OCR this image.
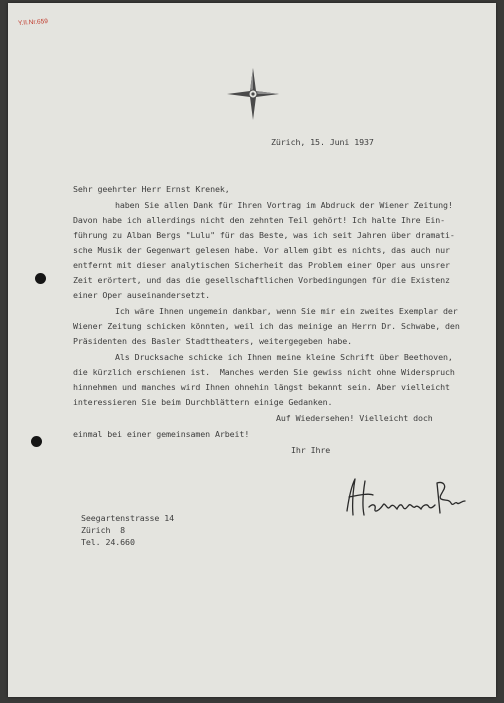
Y.II.Nr.659
Zürich, 15. Juni 1937
Sehr geehrter Herr Ernst Krenek,
haben Sie allen Dank für Ihren Vortrag im Abdruck der Wiener Zeitung!
Davon habe ich allerdings nicht den zehnten Teil gehört! Ich halte Ihre Ein-
führung zu Alban Bergs "Lulu" für das Beste, was ich seit Jahren über dramati-
sche Musik der Gegenwart gelesen habe. Vor allem gibt es nichts, das auch nur
entfernt mit dieser analytischen Sicherheit das Problem einer Oper aus unsrer
Zeit erörtert, und das die gesellschaftlichen Vorbedingungen für die Existenz
einer Oper auseinandersetzt.
Ich wäre Ihnen ungemein dankbar, wenn Sie mir ein zweites Exemplar der
Wiener Zeitung schicken könnten, weil ich das meinige an Herrn Dr. Schwabe, den
Präsidenten des Basler Stadttheaters, weitergegeben habe.
Als Drucksache schicke ich Ihnen meine kleine Schrift über Beethoven,
die kürzlich erschienen ist.  Manches werden Sie gewiss nicht ohne Widerspruch
hinnehmen und manches wird Ihnen ohnehin längst bekannt sein. Aber vielleicht
interessieren Sie beim Durchblättern einige Gedanken.
Auf Wiedersehen! Vielleicht doch
einmal bei einer gemeinsamen Arbeit!
Ihr Ihre
Seegartenstrasse 14
Zürich  8
Tel. 24.660
